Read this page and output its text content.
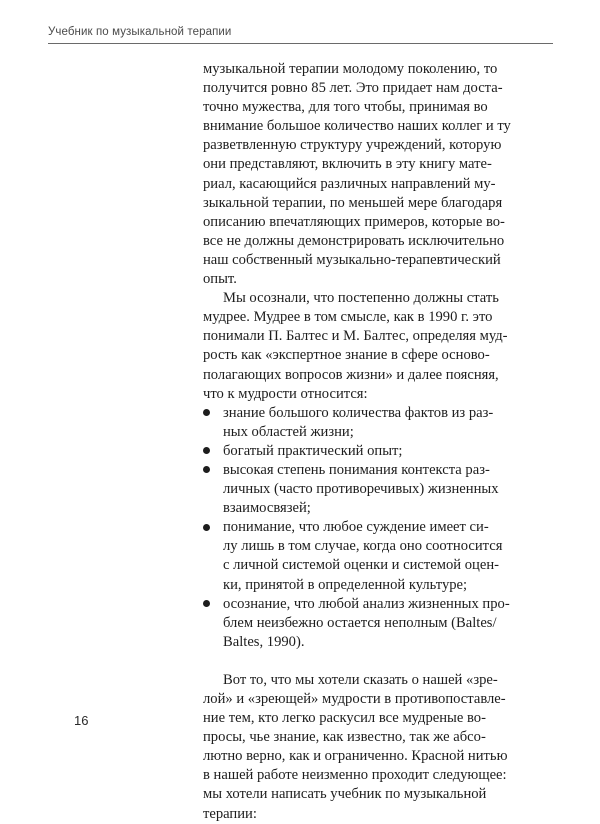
Учебник по музыкальной терапии
музыкальной терапии молодому поколению, то
получится ровно 85 лет. Это придает нам доста-
точно мужества, для того чтобы, принимая во
внимание большое количество наших коллег и ту
разветвленную структуру учреждений, которую
они представляют, включить в эту книгу мате-
риал, касающийся различных направлений му-
зыкальной терапии, по меньшей мере благодаря
описанию впечатляющих примеров, которые во-
все не должны демонстрировать исключительно
наш собственный музыкально-терапевтический
опыт.
Мы осознали, что постепенно должны стать
мудрее. Мудрее в том смысле, как в 1990 г. это
понимали П. Балтес и М. Балтес, определяя муд-
рость как «экспертное знание в сфере осново-
полагающих вопросов жизни» и далее поясняя,
что к мудрости относится:
знание большого количества фактов из раз-
ных областей жизни;
богатый практический опыт;
высокая степень понимания контекста раз-
личных (часто противоречивых) жизненных
взаимосвязей;
понимание, что любое суждение имеет си-
лу лишь в том случае, когда оно соотносится
с личной системой оценки и системой оцен-
ки, принятой в определенной культуре;
осознание, что любой анализ жизненных про-
блем неизбежно остается неполным (Baltes/
Baltes, 1990).
Вот то, что мы хотели сказать о нашей «зре-
лой» и «зреющей» мудрости в противопоставле-
ние тем, кто легко раскусил все мудреные во-
просы, чье знание, как известно, так же абсо-
лютно верно, как и ограниченно. Красной нитью
в нашей работе неизменно проходит следующее:
мы хотели написать учебник по музыкальной
терапии:
16
